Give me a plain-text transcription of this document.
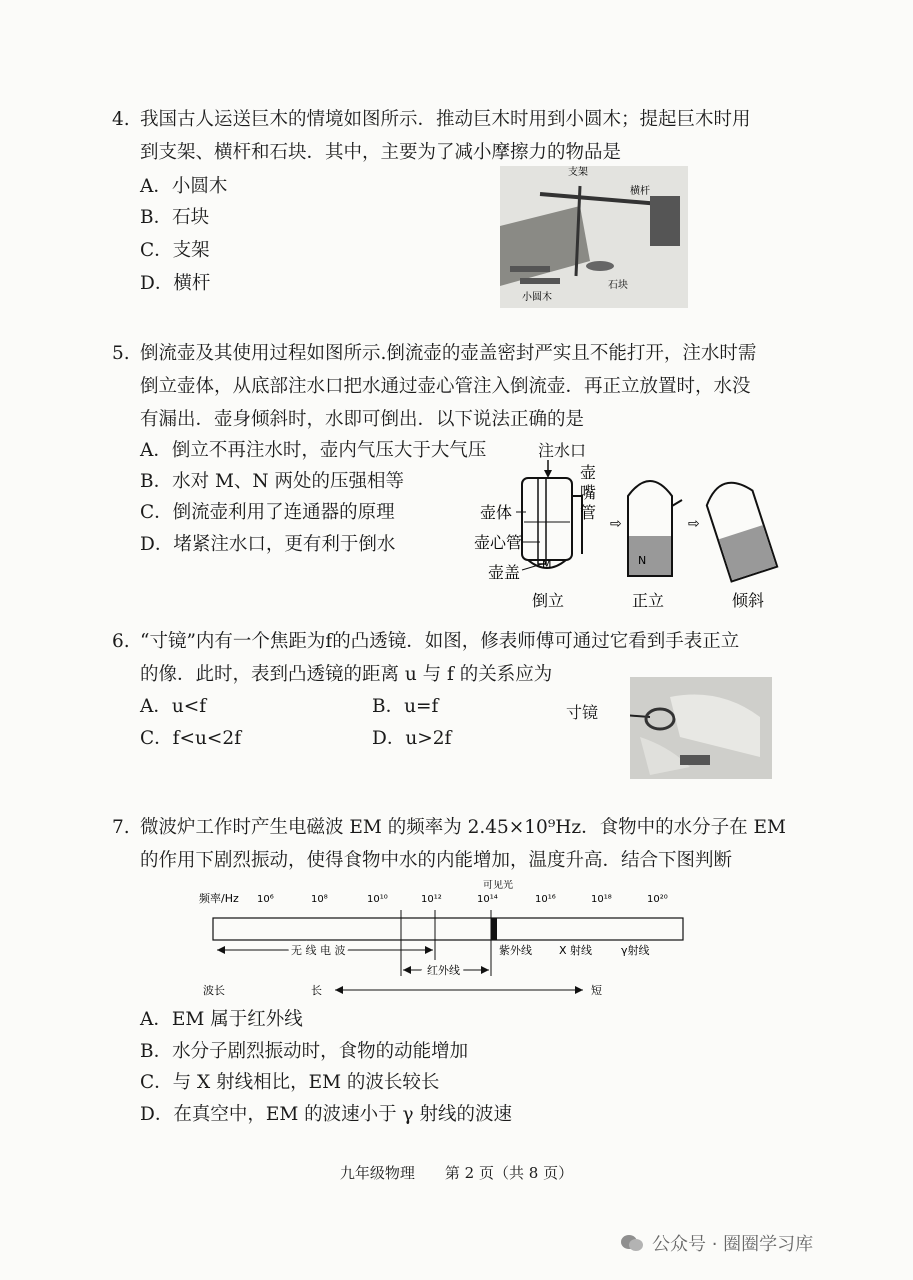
4. 我国古人运送巨木的情境如图所示．推动巨木时用到小圆木；提起巨木时用
到支架、横杆和石块．其中，主要为了减小摩擦力的物品是
A．小圆木
B．石块
C．支架
D．横杆
支架
横杆
小圆木
石块
5. 倒流壶及其使用过程如图所示.倒流壶的壶盖密封严实且不能打开，注水时需
倒立壶体，从底部注水口把水通过壶心管注入倒流壶．再正立放置时，水没
有漏出．壶身倾斜时，水即可倒出．以下说法正确的是
A．倒立不再注水时，壶内气压大于大气压
B．水对 M、N 两处的压强相等
C．倒流壶利用了连通器的原理
D．堵紧注水口，更有利于倒水
注水口
壶
嘴
管
壶体
壶心管
壶盖 M
倒立
⇨
N
正立
⇨
倾斜
6. “寸镜”内有一个焦距为f的凸透镜．如图，修表师傅可通过它看到手表正立
的像．此时，表到凸透镜的距离 u 与 f 的关系应为
A．u<f	B．u=f
C．f<u<2f	D．u>2f
寸镜
7. 微波炉工作时产生电磁波 EM 的频率为 2.45×10⁹Hz．食物中的水分子在 EM
的作用下剧烈振动，使得食物中水的内能增加，温度升高．结合下图判断
频率/Hz 10⁶	10⁸	10¹⁰	10¹²	10¹⁴	10¹⁶	10¹⁸	10²⁰
可见光
无 线 电 波	紫外线 X 射线	γ射线
红外线
波长	长	短
A．EM 属于红外线
B．水分子剧烈振动时，食物的动能增加
C．与 X 射线相比，EM 的波长较长
D．在真空中，EM 的波速小于 γ 射线的波速
九年级物理　　第 2 页（共 8 页）
公众号 · 圈圈学习库
